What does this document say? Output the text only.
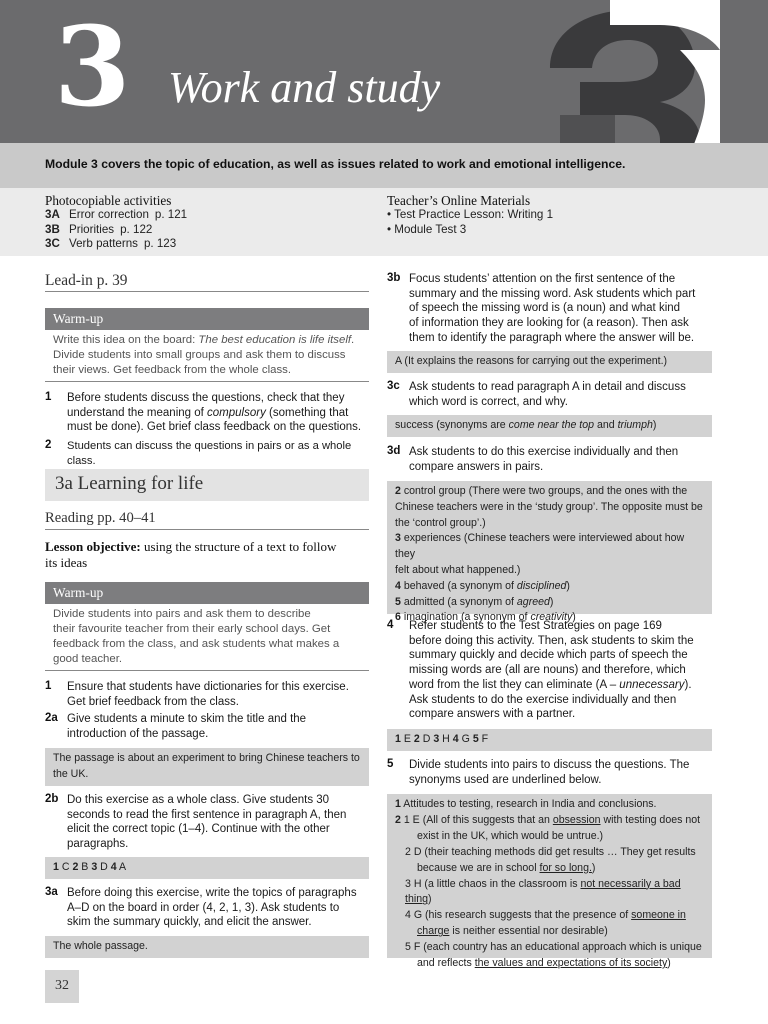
3 Work and study
Module 3 covers the topic of education, as well as issues related to work and emotional intelligence.
Photocopiable activities
3A Error correction p. 121
3B Priorities p. 122
3C Verb patterns p. 123
Teacher’s Online Materials
• Test Practice Lesson: Writing 1
• Module Test 3
Lead-in p. 39
Warm-up
Write this idea on the board: The best education is life itself.
Divide students into small groups and ask them to discuss
their views. Get feedback from the whole class.
1 Before students discuss the questions, check that they
understand the meaning of compulsory (something that
must be done). Get brief class feedback on the questions.
2 Students can discuss the questions in pairs or as a whole class.
3a Learning for life
Reading pp. 40–41
Lesson objective: using the structure of a text to follow
its ideas
Warm-up
Divide students into pairs and ask them to describe
their favourite teacher from their early school days. Get
feedback from the class, and ask students what makes a
good teacher.
1 Ensure that students have dictionaries for this exercise.
Get brief feedback from the class.
2a Give students a minute to skim the title and the
introduction of the passage.
The passage is about an experiment to bring Chinese teachers to
the UK.
2b Do this exercise as a whole class. Give students 30
seconds to read the first sentence in paragraph A, then
elicit the correct topic (1–4). Continue with the other
paragraphs.
1 C 2 B 3 D 4 A
3a Before doing this exercise, write the topics of paragraphs
A–D on the board in order (4, 2, 1, 3). Ask students to
skim the summary quickly, and elicit the answer.
The whole passage.
3b Focus students’ attention on the first sentence of the
summary and the missing word. Ask students which part
of speech the missing word is (a noun) and what kind
of information they are looking for (a reason). Then ask
them to identify the paragraph where the answer will be.
A (It explains the reasons for carrying out the experiment.)
3c Ask students to read paragraph A in detail and discuss
which word is correct, and why.
success (synonyms are come near the top and triumph)
3d Ask students to do this exercise individually and then
compare answers in pairs.
2 control group (There were two groups, and the ones with the
Chinese teachers were in the ‘study group’. The opposite must be
the ‘control group’.)
3 experiences (Chinese teachers were interviewed about how they
felt about what happened.)
4 behaved (a synonym of disciplined)
5 admitted (a synonym of agreed)
6 imagination (a synonym of creativity)
4 Refer students to the Test Strategies on page 169
before doing this activity. Then, ask students to skim the
summary quickly and decide which parts of speech the
missing words are (all are nouns) and therefore, which
word from the list they can eliminate (A – unnecessary).
Ask students to do the exercise individually and then
compare answers with a partner.
1 E 2 D 3 H 4 G 5 F
5 Divide students into pairs to discuss the questions. The
synonyms used are underlined below.
1 Attitudes to testing, research in India and conclusions.
2 1 E (All of this suggests that an obsession with testing does not
exist in the UK, which would be untrue.)
2 D (their teaching methods did get results … They get results
because we are in school for so long.)
3 H (a little chaos in the classroom is not necessarily a bad thing)
4 G (his research suggests that the presence of someone in
charge is neither essential nor desirable)
5 F (each country has an educational approach which is unique
and reflects the values and expectations of its society)
32
